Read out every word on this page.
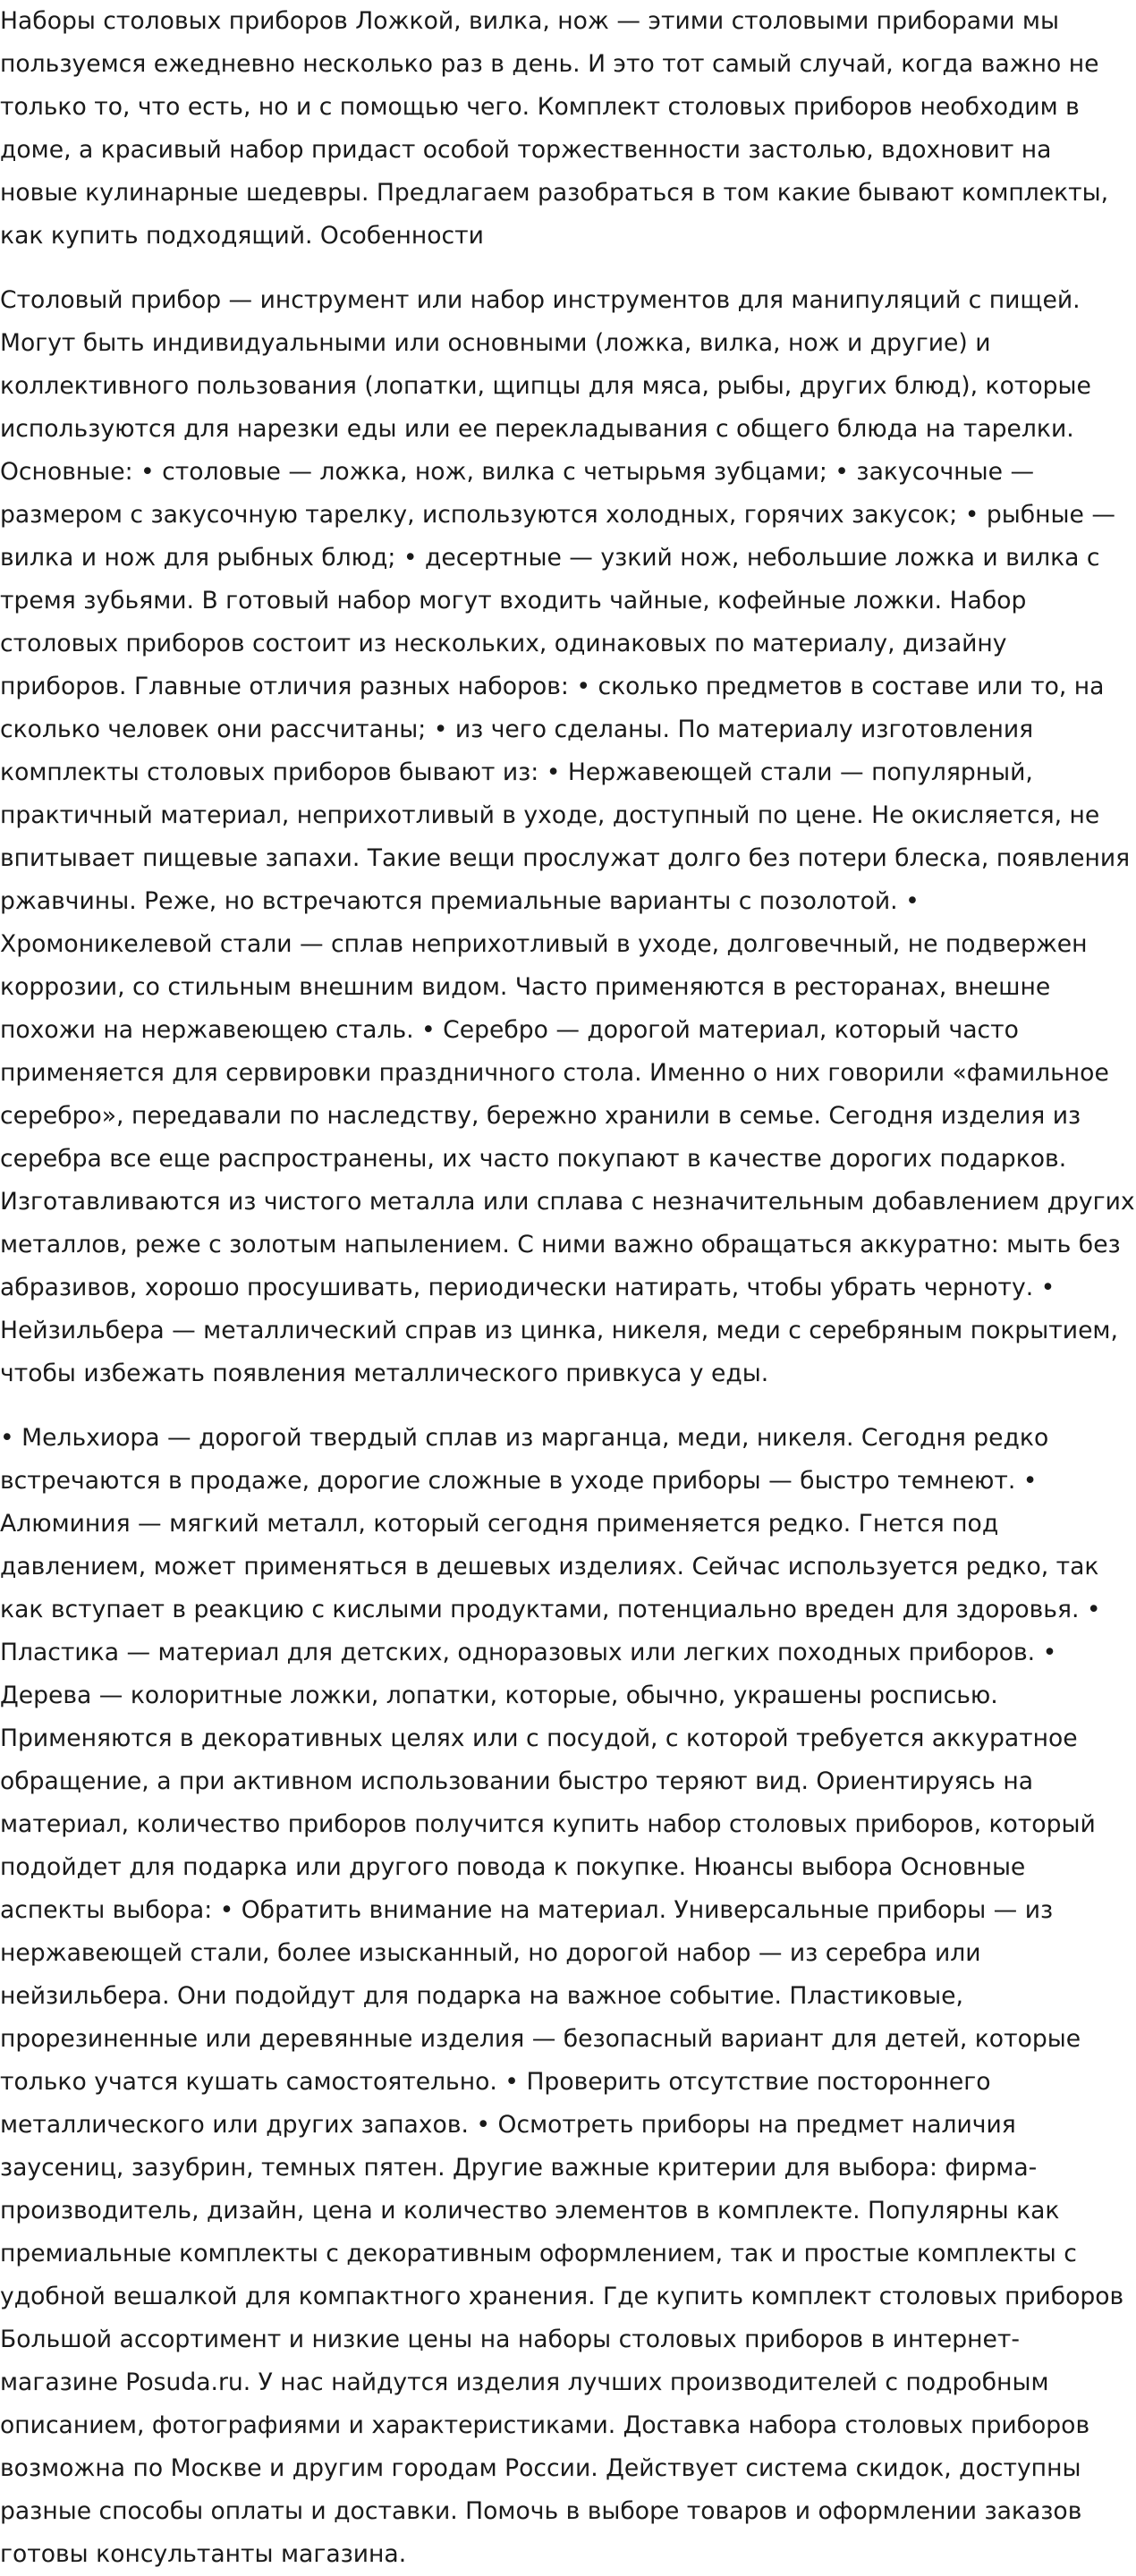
Наборы столовых приборов Ложкой, вилка, нож — этими столовыми приборами мы пользуемся ежедневно несколько раз в день. И это тот самый случай, когда важно не только то, что есть, но и с помощью чего. Комплект столовых приборов необходим в доме, а красивый набор придаст особой торжественности застолью, вдохновит на новые кулинарные шедевры. Предлагаем разобраться в том какие бывают комплекты, как купить подходящий. Особенности

Столовый прибор — инструмент или набор инструментов для манипуляций с пищей. Могут быть индивидуальными или основными (ложка, вилка, нож и другие) и коллективного пользования (лопатки, щипцы для мяса, рыбы, других блюд), которые используются для нарезки еды или ее перекладывания с общего блюда на тарелки. Основные: • столовые — ложка, нож, вилка с четырьмя зубцами; • закусочные — размером с закусочную тарелку, используются холодных, горячих закусок; • рыбные — вилка и нож для рыбных блюд; • десертные — узкий нож, небольшие ложка и вилка с тремя зубьями. В готовый набор могут входить чайные, кофейные ложки. Набор столовых приборов состоит из нескольких, одинаковых по материалу, дизайну приборов. Главные отличия разных наборов: • сколько предметов в составе или то, на сколько человек они рассчитаны; • из чего сделаны. По материалу изготовления комплекты столовых приборов бывают из: • Нержавеющей стали — популярный, практичный материал, неприхотливый в уходе, доступный по цене. Не окисляется, не впитывает пищевые запахи. Такие вещи прослужат долго без потери блеска, появления ржавчины. Реже, но встречаются премиальные варианты с позолотой. • Хромоникелевой стали — сплав неприхотливый в уходе, долговечный, не подвержен коррозии, со стильным внешним видом. Часто применяются в ресторанах, внешне похожи на нержавеющею сталь. • Серебро — дорогой материал, который часто применяется для сервировки праздничного стола. Именно о них говорили «фамильное серебро», передавали по наследству, бережно хранили в семье. Сегодня изделия из серебра все еще распространены, их часто покупают в качестве дорогих подарков. Изготавливаются из чистого металла или сплава с незначительным добавлением других металлов, реже с золотым напылением. С ними важно обращаться аккуратно: мыть без абразивов, хорошо просушивать, периодически натирать, чтобы убрать черноту. • Нейзильбера — металлический справ из цинка, никеля, меди с серебряным покрытием, чтобы избежать появления металлического привкуса у еды.

• Мельхиора — дорогой твердый сплав из марганца, меди, никеля. Сегодня редко встречаются в продаже, дорогие сложные в уходе приборы — быстро темнеют. • Алюминия — мягкий металл, который сегодня применяется редко. Гнется под давлением, может применяться в дешевых изделиях. Сейчас используется редко, так как вступает в реакцию с кислыми продуктами, потенциально вреден для здоровья. • Пластика — материал для детских, одноразовых или легких походных приборов. • Дерева — колоритные ложки, лопатки, которые, обычно, украшены росписью. Применяются в декоративных целях или с посудой, с которой требуется аккуратное обращение, а при активном использовании быстро теряют вид. Ориентируясь на материал, количество приборов получится купить набор столовых приборов, который подойдет для подарка или другого повода к покупке. Нюансы выбора Основные аспекты выбора: • Обратить внимание на материал. Универсальные приборы — из нержавеющей стали, более изысканный, но дорогой набор — из серебра или нейзильбера. Они подойдут для подарка на важное событие. Пластиковые, прорезиненные или деревянные изделия — безопасный вариант для детей, которые только учатся кушать самостоятельно. • Проверить отсутствие постороннего металлического или других запахов. • Осмотреть приборы на предмет наличия заусениц, зазубрин, темных пятен. Другие важные критерии для выбора: фирма-производитель, дизайн, цена и количество элементов в комплекте. Популярны как премиальные комплекты с декоративным оформлением, так и простые комплекты с удобной вешалкой для компактного хранения. Где купить комплект столовых приборов Большой ассортимент и низкие цены на наборы столовых приборов в интернет-магазине Posuda.ru. У нас найдутся изделия лучших производителей с подробным описанием, фотографиями и характеристиками. Доставка набора столовых приборов возможна по Москве и другим городам России. Действует система скидок, доступны разные способы оплаты и доставки. Помочь в выборе товаров и оформлении заказов готовы консультанты магазина.
